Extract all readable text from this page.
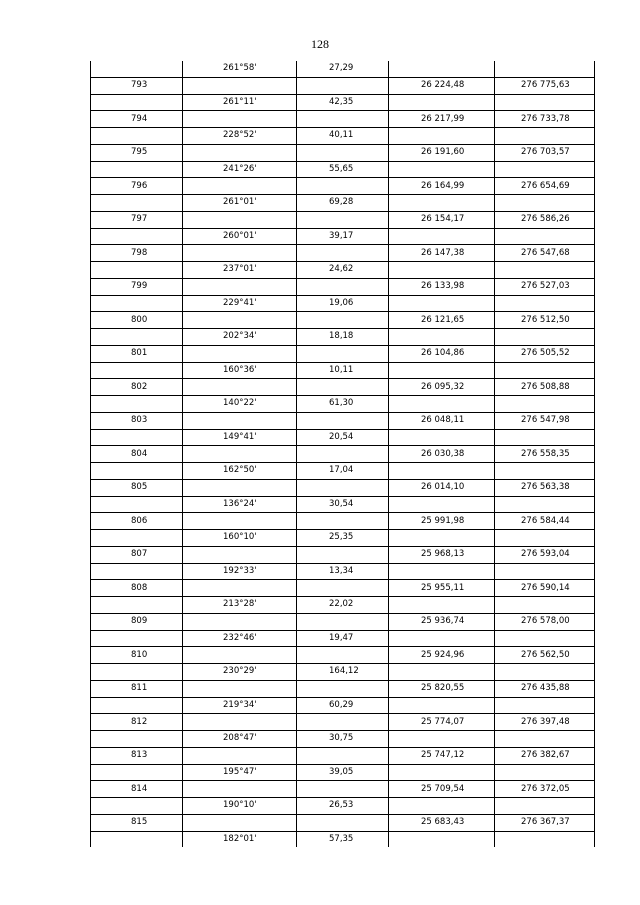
128
	261°58'	27,29		
793			26 224,48	276 775,63
	261°11'	42,35		
794			26 217,99	276 733,78
	228°52'	40,11		
795			26 191,60	276 703,57
	241°26'	55,65		
796			26 164,99	276 654,69
	261°01'	69,28		
797			26 154,17	276 586,26
	260°01'	39,17		
798			26 147,38	276 547,68
	237°01'	24,62		
799			26 133,98	276 527,03
	229°41'	19,06		
800			26 121,65	276 512,50
	202°34'	18,18		
801			26 104,86	276 505,52
	160°36'	10,11		
802			26 095,32	276 508,88
	140°22'	61,30		
803			26 048,11	276 547,98
	149°41'	20,54		
804			26 030,38	276 558,35
	162°50'	17,04		
805			26 014,10	276 563,38
	136°24'	30,54		
806			25 991,98	276 584,44
	160°10'	25,35		
807			25 968,13	276 593,04
	192°33'	13,34		
808			25 955,11	276 590,14
	213°28'	22,02		
809			25 936,74	276 578,00
	232°46'	19,47		
810			25 924,96	276 562,50
	230°29'	164,12		
811			25 820,55	276 435,88
	219°34'	60,29		
812			25 774,07	276 397,48
	208°47'	30,75		
813			25 747,12	276 382,67
	195°47'	39,05		
814			25 709,54	276 372,05
	190°10'	26,53		
815			25 683,43	276 367,37
	182°01'	57,35		
